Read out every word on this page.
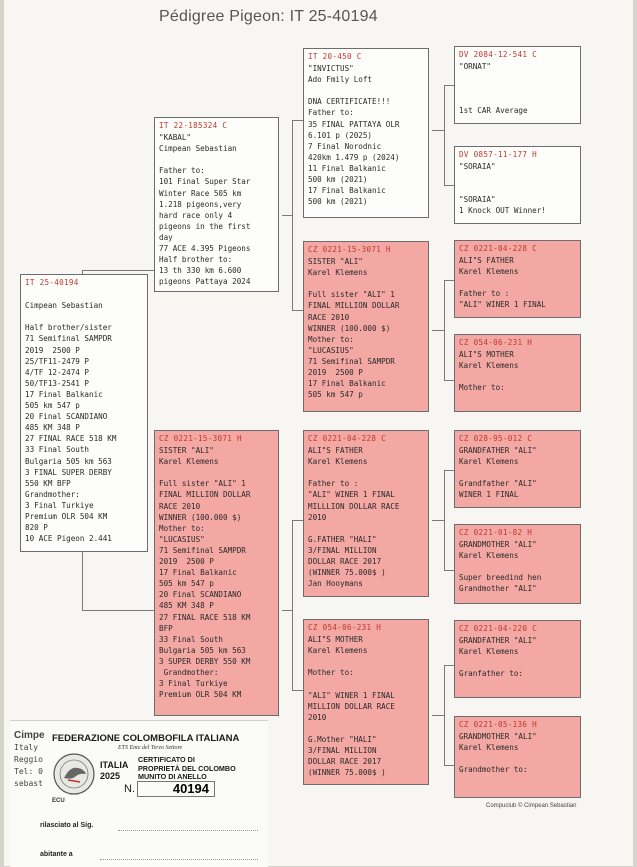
Pédigree Pigeon: IT 25-40194
IT 25-40194

Cimpean Sebastian

Half brother/sister
71 Semifinal SAMPDR
2019  2500 P
25/TF11-2479 P
4/TF 12-2474 P
50/TF13-2541 P
17 Final Balkanic
505 km 547 p
20 Final SCANDIANO
485 KM 348 P
27 FINAL RACE 518 KM
33 Final South
Bulgaria 505 km 563
3 FINAL SUPER DERBY
550 KM BFP
Grandmother:
3 Final Turkiye
Premium OLR 504 KM
820 P
10 ACE Pigeon 2.441
IT 22-185324 C
"KABAL"
Cimpean Sebastian

Father to:
101 Final Super Star
Winter Race 505 km
1.218 pigeons,very
hard race only 4
pigeons in the first
day
77 ACE 4.395 Pigeons
Half brother to:
13 th 330 km 6.600
pigeons Pattaya 2024
CZ 0221-15-3071 H
SISTER "ALI"
Karel Klemens

Full sister "ALI" 1
FINAL MILLION DOLLAR
RACE 2010
WINNER (100.000 $)
Mother to:
"LUCASIUS"
71 Semifinal SAMPDR
2019  2500 P
17 Final Balkanic
505 km 547 p
20 Final SCANDIANO
485 KM 348 P
27 FINAL RACE 518 KM
BFP
33 Final South
Bulgaria 505 km 563
3 SUPER DERBY 550 KM
Grandmother:
3 Final Turkiye
Premium OLR 504 KM
IT 20-450 C
"INVICTUS"
Ado Fmily Loft

DNA CERTIFICATE!!!
Father to:
35 FINAL PATTAYA OLR
6.101 p (2025)
7 Final Norodnic
420km 1.479 p (2024)
11 Final Balkanic
500 km (2021)
17 Final Balkanic
500 km (2021)
CZ 0221-15-3071 H
SISTER "ALI"
Karel Klemens

Full sister "ALI" 1
FINAL MILLION DOLLAR
RACE 2010
WINNER (100.000 $)
Mother to:
"LUCASIUS"
71 Semifinal SAMPDR
2019  2500 P
17 Final Balkanic
505 km 547 p
CZ 0221-04-228 C
ALI"S FATHER
Karel Klemens

Father to :
"ALI" WINER 1 FINAL
MILLLION DOLLAR RACE
2010

G.FATHER "HALI"
3/FINAL MILLION
DOLLAR RACE 2017
(WINNER 75.000$ )
Jan Hooymans
CZ 054-06-231 H
ALI"S MOTHER
Karel Klemens

Mother to:

"ALI" WINER 1 FINAL
MILLION DOLLAR RACE
2010

G.Mother "HALI"
3/FINAL MILLION
DOLLAR RACE 2017
(WINNER 75.000$ )
DV 2084-12-541 C
"ORNAT"

1st CAR Average
DV 0857-11-177 H
"SORAIA"

"SORAIA"
1 Knock OUT Winner!
CZ 0221-04-228 C
ALI"S FATHER
Karel Klemens

Father to :
"ALI" WINER 1 FINAL
CZ 054-06-231 H
ALI"S MOTHER
Karel Klemens

Mother to:
CZ 028-95-012 C
GRANDFATHER "ALI"
Karel Klemens

Grandfather "ALI"
WINER 1 FINAL
CZ 0221-01-82 H
GRANDMOTHER "ALI"
Karel Klemens

Super breedind hen
Grandmother "ALI"
CZ 0221-04-220 C
GRANDFATHER "ALI"
Karel Klemens

Granfather to:
CZ 0221-05-136 H
GRANDMOTHER "ALI"
Karel Klemens

Grandmother to:
Compuclub © Cimpean Sebastian
Cimpe
Italy
Reggio
Tel: 0
sebast
FEDERAZIONE COLOMBOFILA ITALIANA
ETS Ente del Terzo Settore
ITALIA
2025
CERTIFICATO DI
PROPRIETÀ DEL COLOMBO
MUNITO DI ANELLO
N.	40194
ECU
rilasciato al Sig.
abitante a
